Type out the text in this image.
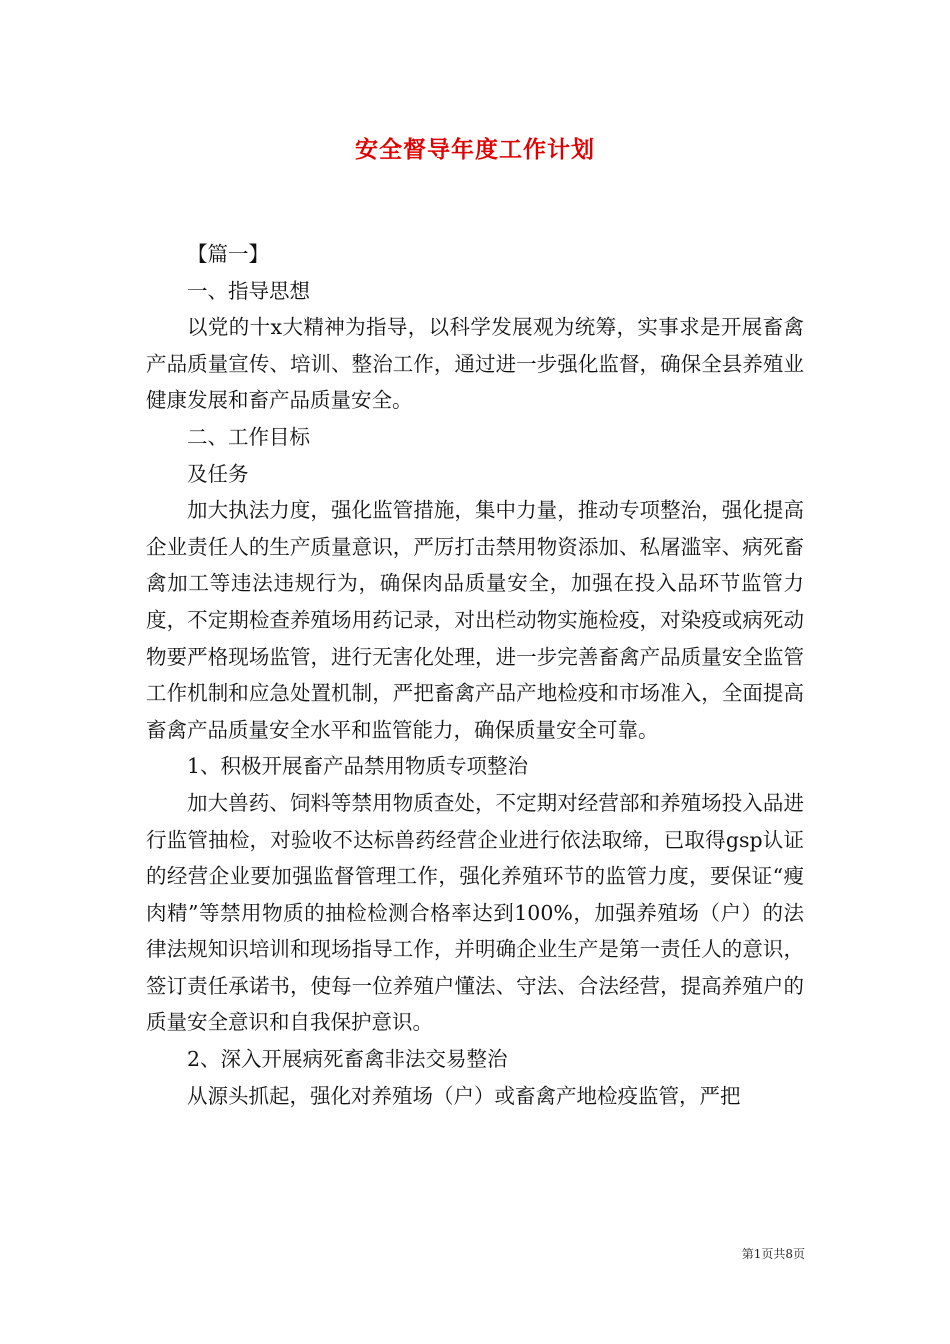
安全督导年度工作计划

【篇一】

一、指导思想

以党的十x大精神为指导，以科学发展观为统筹，实事求是开展畜禽产品质量宣传、培训、整治工作，通过进一步强化监督，确保全县养殖业健康发展和畜产品质量安全。

二、工作目标

及任务

加大执法力度，强化监管措施，集中力量，推动专项整治，强化提高企业责任人的生产质量意识，严厉打击禁用物资添加、私屠滥宰、病死畜禽加工等违法违规行为，确保肉品质量安全，加强在投入品环节监管力度，不定期检查养殖场用药记录，对出栏动物实施检疫，对染疫或病死动物要严格现场监管，进行无害化处理，进一步完善畜禽产品质量安全监管工作机制和应急处置机制，严把畜禽产品产地检疫和市场准入，全面提高畜禽产品质量安全水平和监管能力，确保质量安全可靠。

1、积极开展畜产品禁用物质专项整治

加大兽药、饲料等禁用物质查处，不定期对经营部和养殖场投入品进行监管抽检，对验收不达标兽药经营企业进行依法取缔，已取得gsp认证的经营企业要加强监督管理工作，强化养殖环节的监管力度，要保证“瘦肉精”等禁用物质的抽检检测合格率达到100%，加强养殖场（户）的法律法规知识培训和现场指导工作，并明确企业生产是第一责任人的意识，签订责任承诺书，使每一位养殖户懂法、守法、合法经营，提高养殖户的质量安全意识和自我保护意识。

2、深入开展病死畜禽非法交易整治

从源头抓起，强化对养殖场（户）或畜禽产地检疫监管，严把

第1页共8页
